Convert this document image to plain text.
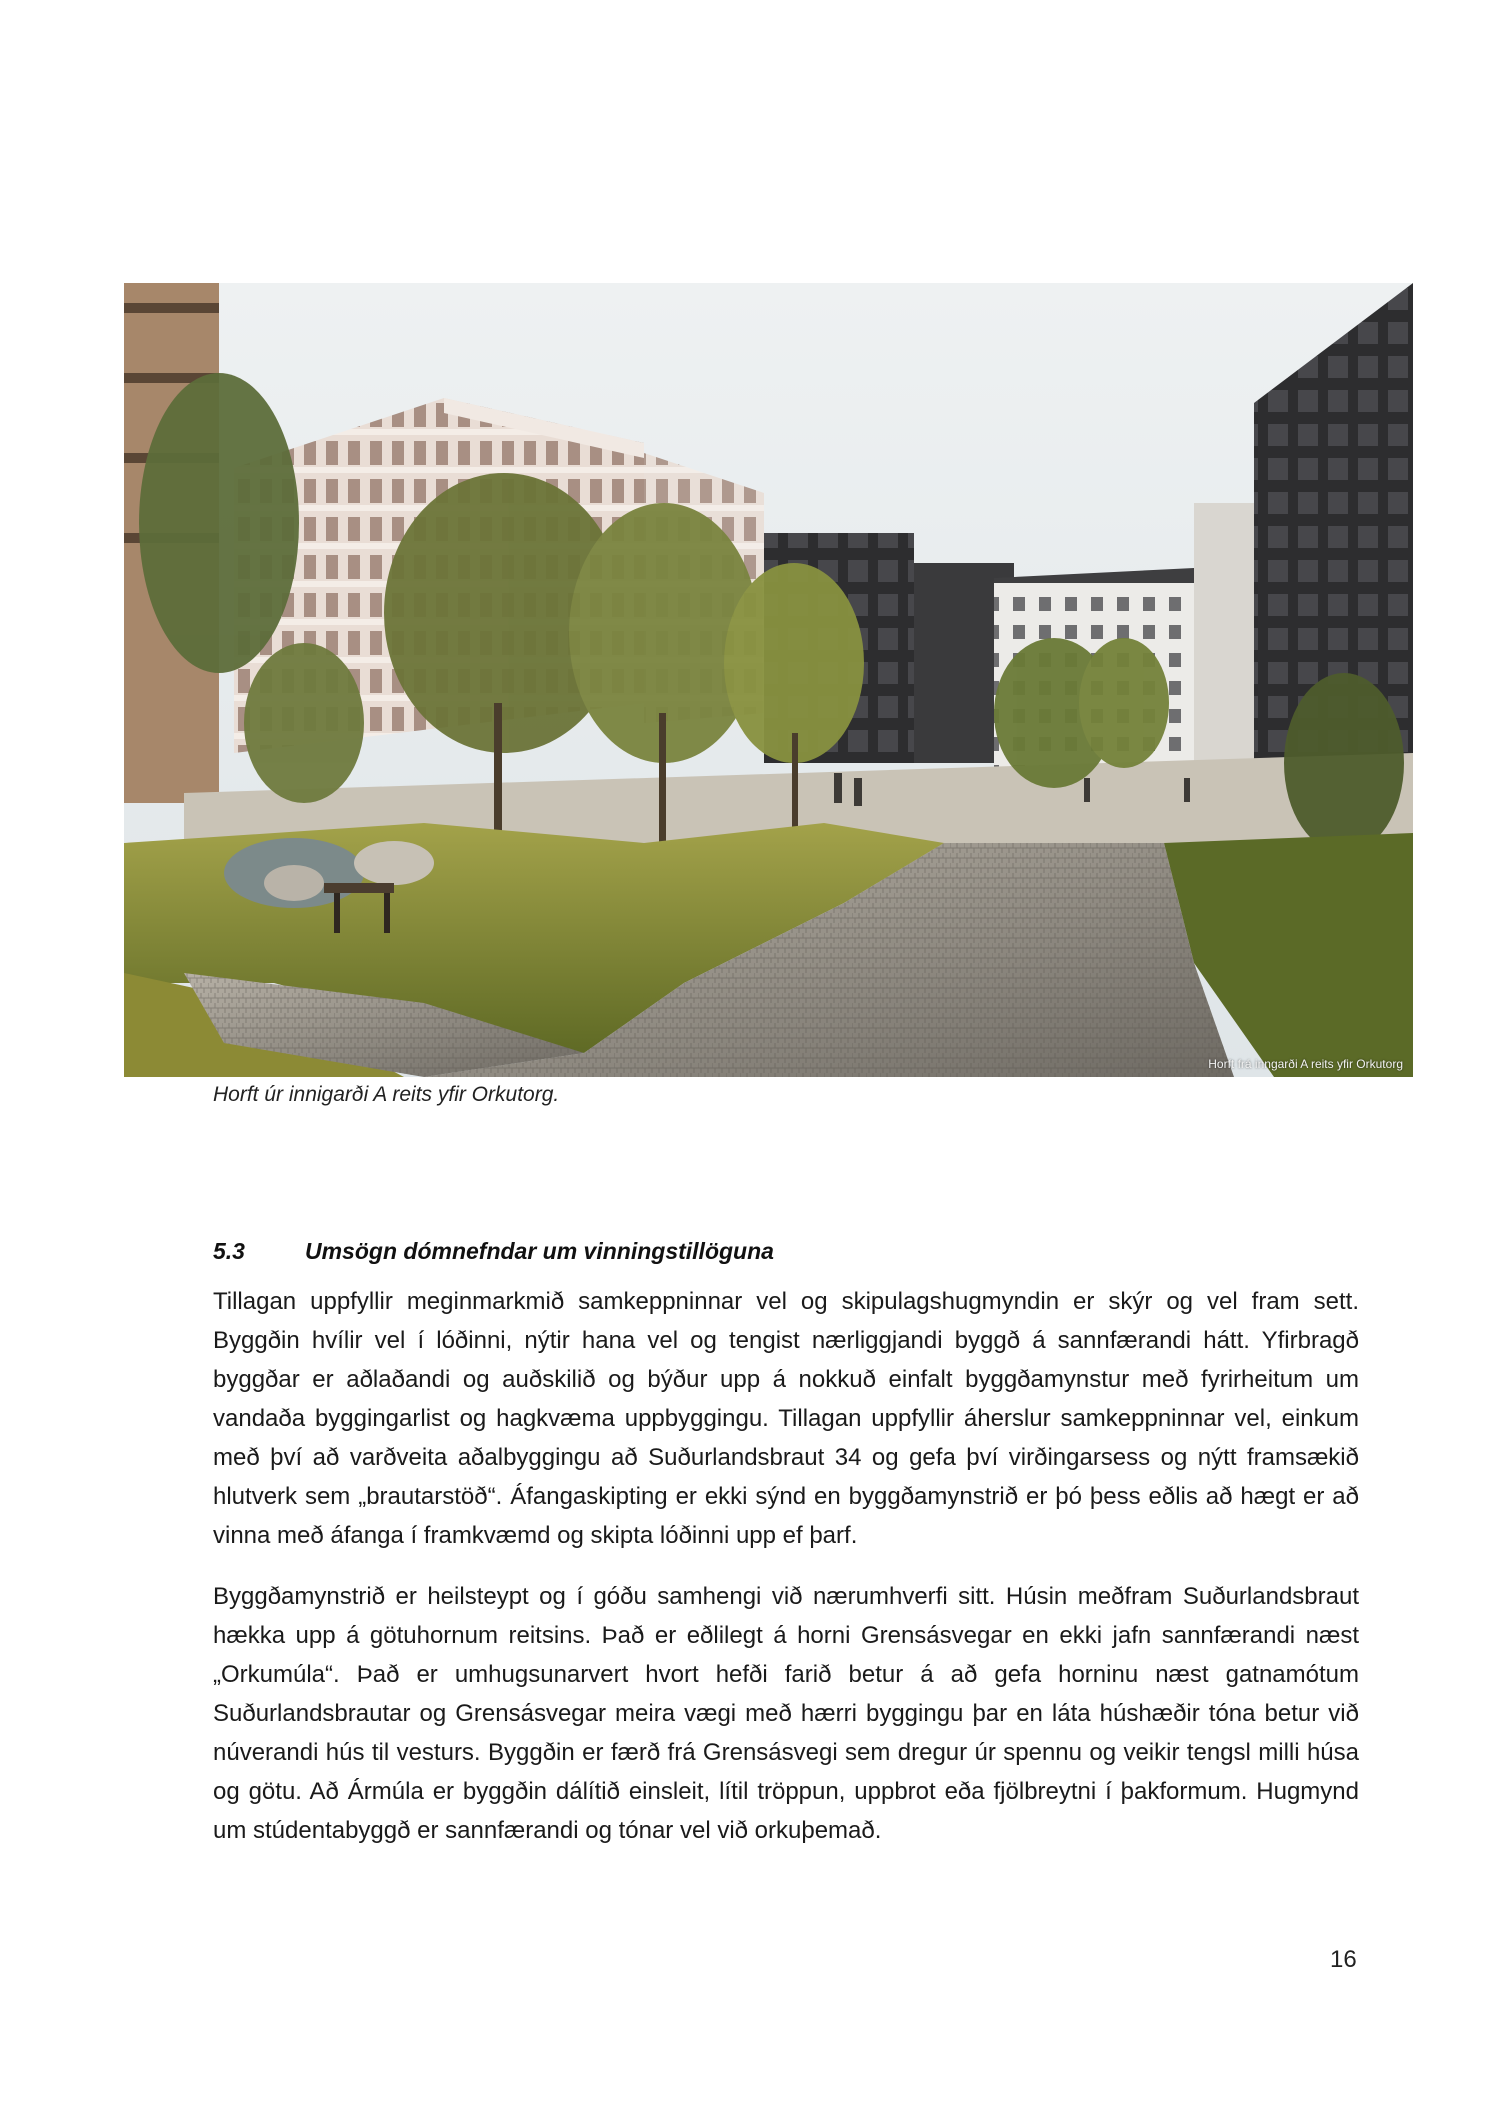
Horft frá inngarði A reits yfir Orkutorg
Horft úr innigarði A reits yfir Orkutorg.
5.3	Umsögn dómnefndar um vinningstillöguna

Tillagan uppfyllir meginmarkmið samkeppninnar vel og skipulagshugmyndin er skýr og vel fram sett. Byggðin hvílir vel í lóðinni, nýtir hana vel og tengist nærliggjandi byggð á sannfærandi hátt. Yfirbragð byggðar er aðlaðandi og auðskilið og býður upp á nokkuð einfalt byggðamynstur með fyrirheitum um vandaða byggingarlist og hagkvæma uppbyggingu. Tillagan uppfyllir áherslur samkeppninnar vel, einkum með því að varðveita aðalbyggingu að Suðurlandsbraut 34 og gefa því virðingarsess og nýtt framsækið hlutverk sem „brautarstöð“. Áfangaskipting er ekki sýnd en byggðamynstrið er þó þess eðlis að hægt er að vinna með áfanga í framkvæmd og skipta lóðinni upp ef þarf.

Byggðamynstrið er heilsteypt og í góðu samhengi við nærumhverfi sitt. Húsin meðfram Suðurlandsbraut hækka upp á götuhornum reitsins. Það er eðlilegt á horni Grensásvegar en ekki jafn sannfærandi næst „Orkumúla“. Það er umhugsunarvert hvort hefði farið betur á að gefa horninu næst gatnamótum Suðurlandsbrautar og Grensásvegar meira vægi með hærri byggingu þar en láta húshæðir tóna betur við núverandi hús til vesturs. Byggðin er færð frá Grensásvegi sem dregur úr spennu og veikir tengsl milli húsa og götu. Að Ármúla er byggðin dálítið einsleit, lítil tröppun, uppbrot eða fjölbreytni í þakformum. Hugmynd um stúdentabyggð er sannfærandi og tónar vel við orkuþemað.

16
